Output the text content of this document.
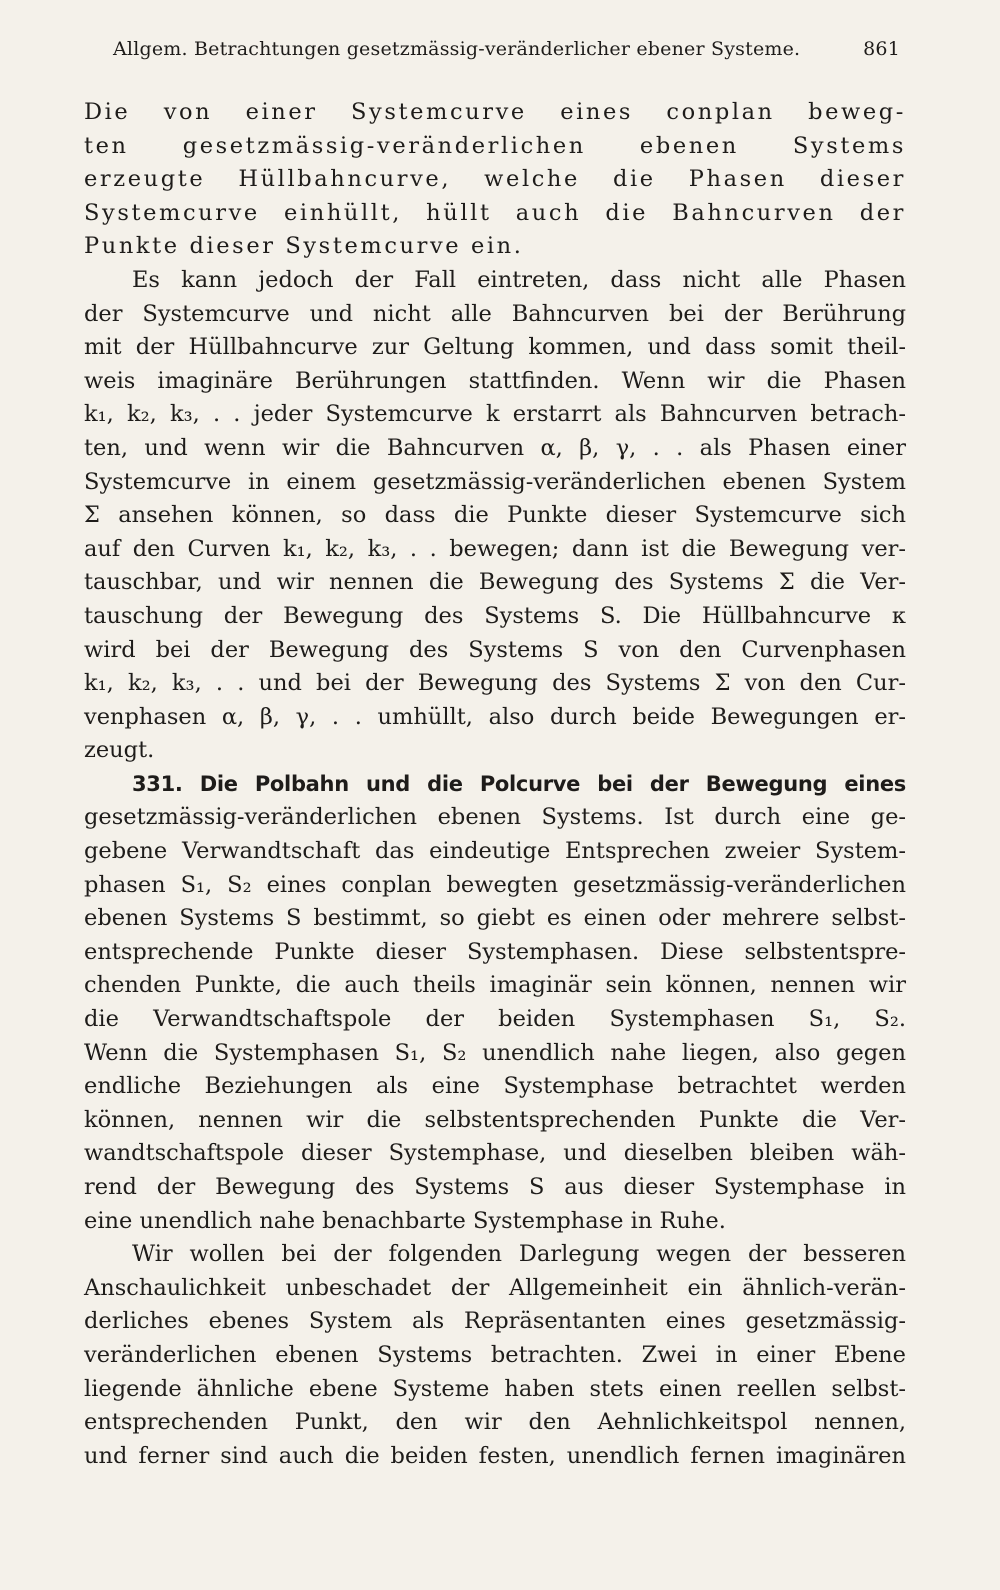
Allgem. Betrachtungen gesetzmässig-veränderlicher ebener Systeme.	861
Die von einer Systemcurve eines conplan beweg-
ten gesetzmässig-veränderlichen ebenen Systems
erzeugte Hüllbahncurve, welche die Phasen dieser
Systemcurve einhüllt, hüllt auch die Bahncurven der
Punkte dieser Systemcurve ein.
Es kann jedoch der Fall eintreten, dass nicht alle Phasen
der Systemcurve und nicht alle Bahncurven bei der Berührung
mit der Hüllbahncurve zur Geltung kommen, und dass somit theil-
weis imaginäre Berührungen stattfinden. Wenn wir die Phasen
k₁, k₂, k₃, . . jeder Systemcurve k erstarrt als Bahncurven betrach-
ten, und wenn wir die Bahncurven α, β, γ, . . als Phasen einer
Systemcurve in einem gesetzmässig-veränderlichen ebenen System
Σ ansehen können, so dass die Punkte dieser Systemcurve sich
auf den Curven k₁, k₂, k₃, . . bewegen; dann ist die Bewegung ver-
tauschbar, und wir nennen die Bewegung des Systems Σ die Ver-
tauschung der Bewegung des Systems S. Die Hüllbahncurve κ
wird bei der Bewegung des Systems S von den Curvenphasen
k₁, k₂, k₃, . . und bei der Bewegung des Systems Σ von den Cur-
venphasen α, β, γ, . . umhüllt, also durch beide Bewegungen er-
zeugt.
331. Die Polbahn und die Polcurve bei der Bewegung eines
gesetzmässig-veränderlichen ebenen Systems. Ist durch eine ge-
gebene Verwandtschaft das eindeutige Entsprechen zweier System-
phasen S₁, S₂ eines conplan bewegten gesetzmässig-veränderlichen
ebenen Systems S bestimmt, so giebt es einen oder mehrere selbst-
entsprechende Punkte dieser Systemphasen. Diese selbstentspre-
chenden Punkte, die auch theils imaginär sein können, nennen wir
die Verwandtschaftspole der beiden Systemphasen S₁, S₂.
Wenn die Systemphasen S₁, S₂ unendlich nahe liegen, also gegen
endliche Beziehungen als eine Systemphase betrachtet werden
können, nennen wir die selbstentsprechenden Punkte die Ver-
wandtschaftspole dieser Systemphase, und dieselben bleiben wäh-
rend der Bewegung des Systems S aus dieser Systemphase in
eine unendlich nahe benachbarte Systemphase in Ruhe.
Wir wollen bei der folgenden Darlegung wegen der besseren
Anschaulichkeit unbeschadet der Allgemeinheit ein ähnlich-verän-
derliches ebenes System als Repräsentanten eines gesetzmässig-
veränderlichen ebenen Systems betrachten. Zwei in einer Ebene
liegende ähnliche ebene Systeme haben stets einen reellen selbst-
entsprechenden Punkt, den wir den Aehnlichkeitspol nennen,
und ferner sind auch die beiden festen, unendlich fernen imaginären
